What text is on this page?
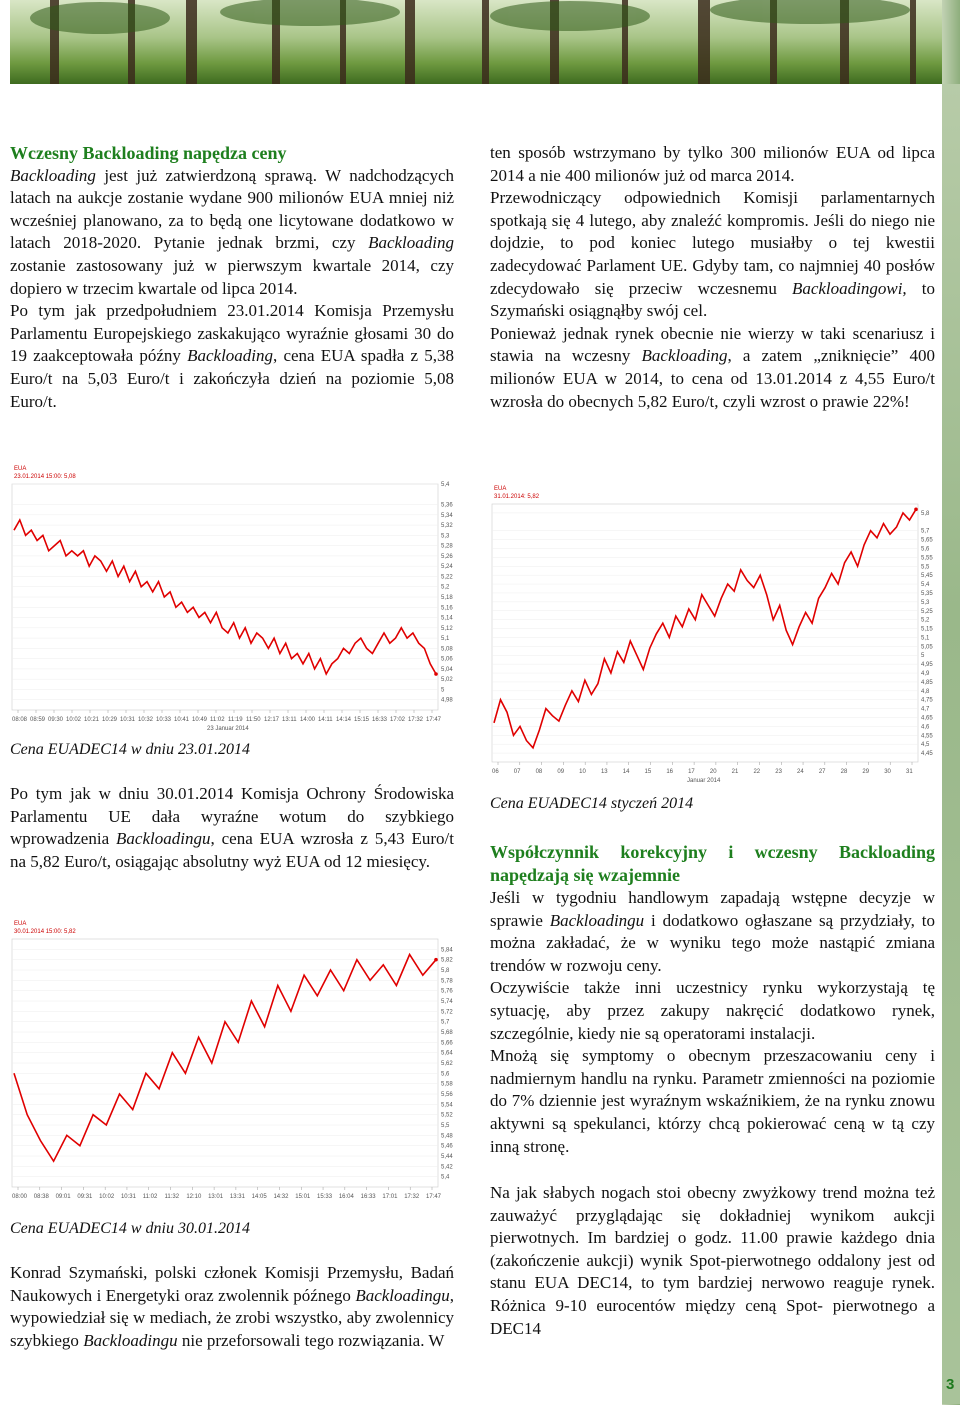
Wczesny Backloading napędza ceny

Backloading jest już zatwierdzoną sprawą. W nadchodzących latach na aukcje zostanie wydane 900 milionów EUA mniej niż wcześniej planowano, za to będą one licytowane dodatkowo w latach 2018-2020. Pytanie jednak brzmi, czy Backloading zostanie zastosowany już w pierwszym kwartale 2014, czy dopiero w trzecim kwartale od lipca 2014.

Po tym jak przedpołudniem 23.01.2014 Komisja Przemysłu Parlamentu Europejskiego zaskakująco wyraźnie głosami 30 do 19 zaakceptowała późny Backloading, cena EUA spadła z 5,38 Euro/t na 5,03 Euro/t i zakończyła dzień na poziomie 5,08 Euro/t.

5,4
5,36
5,34
5,32
5,3
5,28
5,26
5,24
5,22
5,2
5,18
5,16
5,14
5,12
5,1
5,08
5,06
5,04
5,02
5
4,98
08:08 08:59 09:30 10:02 10:21 10:29 10:31 10:32 10:33 10:41 10:49 11:02 11:19 11:50 12:17 13:11 14:00 14:11 14:14 15:15 16:33 17:02 17:32 17:47
23 Januar 2014
EUA
23.01.2014 15:00: 5,08
Cena EUADEC14 w dniu 23.01.2014

Po tym jak w dniu 30.01.2014 Komisja Ochrony Środowiska Parlamentu UE dała wyraźne wotum do szybkiego wprowadzenia Backloadingu, cena EUA wzrosła z 5,43 Euro/t na 5,82 Euro/t, osiągając absolutny wyż EUA od 12 miesięcy.

5,84
5,82
5,8
5,78
5,76
5,74
5,72
5,7
5,68
5,66
5,64
5,62
5,6
5,58
5,56
5,54
5,52
5,5
5,48
5,46
5,44
5,42
5,4
08:00 08:38 09:01 09:31 10:02 10:31 11:02 11:32 12:10 13:01 13:31 14:05 14:32 15:01 15:33 16:04 16:33 17:01 17:32 17:47
EUA
30.01.2014 15:00: 5,82
Cena EUADEC14 w dniu 30.01.2014

Konrad Szymański, polski członek Komisji Przemysłu, Badań Naukowych i Energetyki oraz zwolennik późnego Backloadingu, wypowiedział się w mediach, że zrobi wszystko, aby zwolennicy szybkiego Backloadingu nie przeforsowali tego rozwiązania. W

ten sposób wstrzymano by tylko 300 milionów EUA od lipca 2014 a nie 400 milionów już od marca 2014.

Przewodniczący odpowiednich Komisji parlamentarnych spotkają się 4 lutego, aby znaleźć kompromis. Jeśli do niego nie dojdzie, to pod koniec lutego musiałby o tej kwestii zadecydować Parlament UE. Gdyby tam, co najmniej 40 posłów zdecydowało się przeciw wczesnemu Backloadingowi, to Szymański osiągnąłby swój cel.

Ponieważ jednak rynek obecnie nie wierzy w taki scenariusz i stawia na wczesny Backloading, a zatem „zniknięcie” 400 milionów EUA w 2014, to cena od 13.01.2014 z 4,55 Euro/t wzrosła do obecnych 5,82 Euro/t, czyli wzrost o prawie 22%!

5,8
5,7
5,65
5,6
5,55
5,5
5,45
5,4
5,35
5,3
5,25
5,2
5,15
5,1
5,05
5
4,95
4,9
4,85
4,8
4,75
4,7
4,65
4,6
4,55
4,5
4,45
06	07	08	09	10	13	14	15	16	17	20	21	22	23	24	27	28	29	30	31
Januar 2014
EUA
31.01.2014: 5,82
Cena EUADEC14 styczeń 2014
Współczynnik korekcyjny i wczesny Backloading napędzają się wzajemnie

Jeśli w tygodniu handlowym zapadają wstępne decyzje w sprawie Backloadingu i dodatkowo ogłaszane są przydziały, to można zakładać, że w wyniku tego może nastąpić zmiana trendów w rozwoju ceny.

Oczywiście także inni uczestnicy rynku wykorzystają tę sytuację, aby przez zakupy nakręcić dodatkowo rynek, szczególnie, kiedy nie są operatorami instalacji.

Mnożą się symptomy o obecnym przeszacowaniu ceny i nadmiernym handlu na rynku. Parametr zmienności na poziomie do 7% dziennie jest wyraźnym wskaźnikiem, że na rynku znowu aktywni są spekulanci, którzy chcą pokierować ceną w tą czy inną stronę.

Na jak słabych nogach stoi obecny zwyżkowy trend można też zauważyć przyglądając się dokładniej wynikom aukcji pierwotnych. Im bardziej o godz. 11.00 prawie każdego dnia (zakończenie aukcji) wynik Spot-pierwotnego oddalony jest od stanu EUA DEC14, to tym bardziej nerwowo reaguje rynek. Różnica 9-10 eurocentów między ceną Spot- pierwotnego a DEC14

3
